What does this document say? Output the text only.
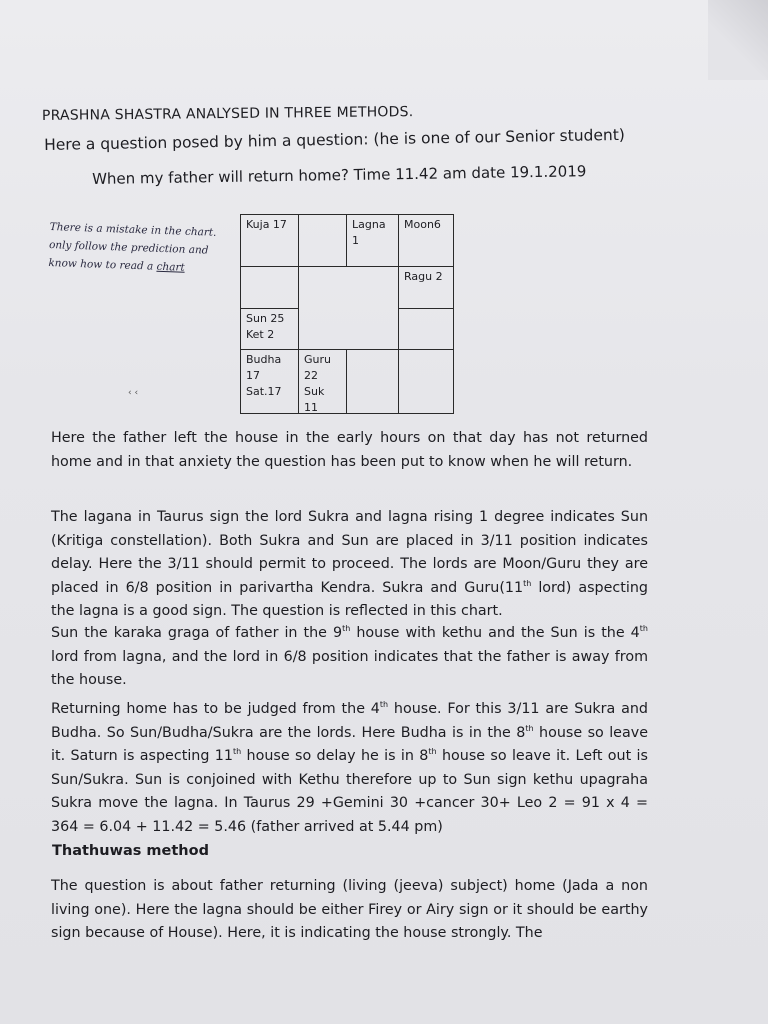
PRASHNA SHASTRA ANALYSED IN THREE METHODS.
Here a question posed by him a question: (he is one of our Senior student)
When my father will return home? Time 11.42 am date 19.1.2019
There is a mistake in the chart. only follow the prediction and know how to read a chart
‹ ‹
Kuja 17	Lagna
1
Moon6
Ragu 2
Sun 25
Ket 2
Budha
17
Sat.17
Guru
22
Suk
11
Here the father left the house in the early hours on that day has not returned home and in that anxiety the question has been put to know when he will return.
The lagana in Taurus sign the lord Sukra and lagna rising 1 degree indicates Sun (Kritiga constellation). Both Sukra and Sun are placed in 3/11 position indicates delay. Here the 3/11 should permit to proceed. The lords are Moon/Guru they are placed in 6/8 position in parivartha Kendra. Sukra and Guru(11th lord) aspecting the lagna is a good sign. The question is reflected in this chart.
Sun the karaka graga of father in the 9th house with kethu and the Sun is the 4th lord from lagna, and the lord in 6/8 position indicates that the father is away from the house.
Returning home has to be judged from the 4th house. For this 3/11 are Sukra and Budha. So Sun/Budha/Sukra are the lords. Here Budha is in the 8th house so leave it. Saturn is aspecting 11th house so delay he is in 8th house so leave it. Left out is Sun/Sukra. Sun is conjoined with Kethu therefore up to Sun sign kethu upagraha Sukra move the lagna. In Taurus 29 +Gemini 30 +cancer 30+ Leo 2 = 91 x 4 = 364 = 6.04 + 11.42 = 5.46 (father arrived at 5.44 pm)
Thathuwas method
The question is about father returning (living (jeeva) subject) home (Jada a non living one). Here the lagna should be either Firey or Airy sign or it should be earthy sign because of House). Here, it is indicating the house strongly. The
